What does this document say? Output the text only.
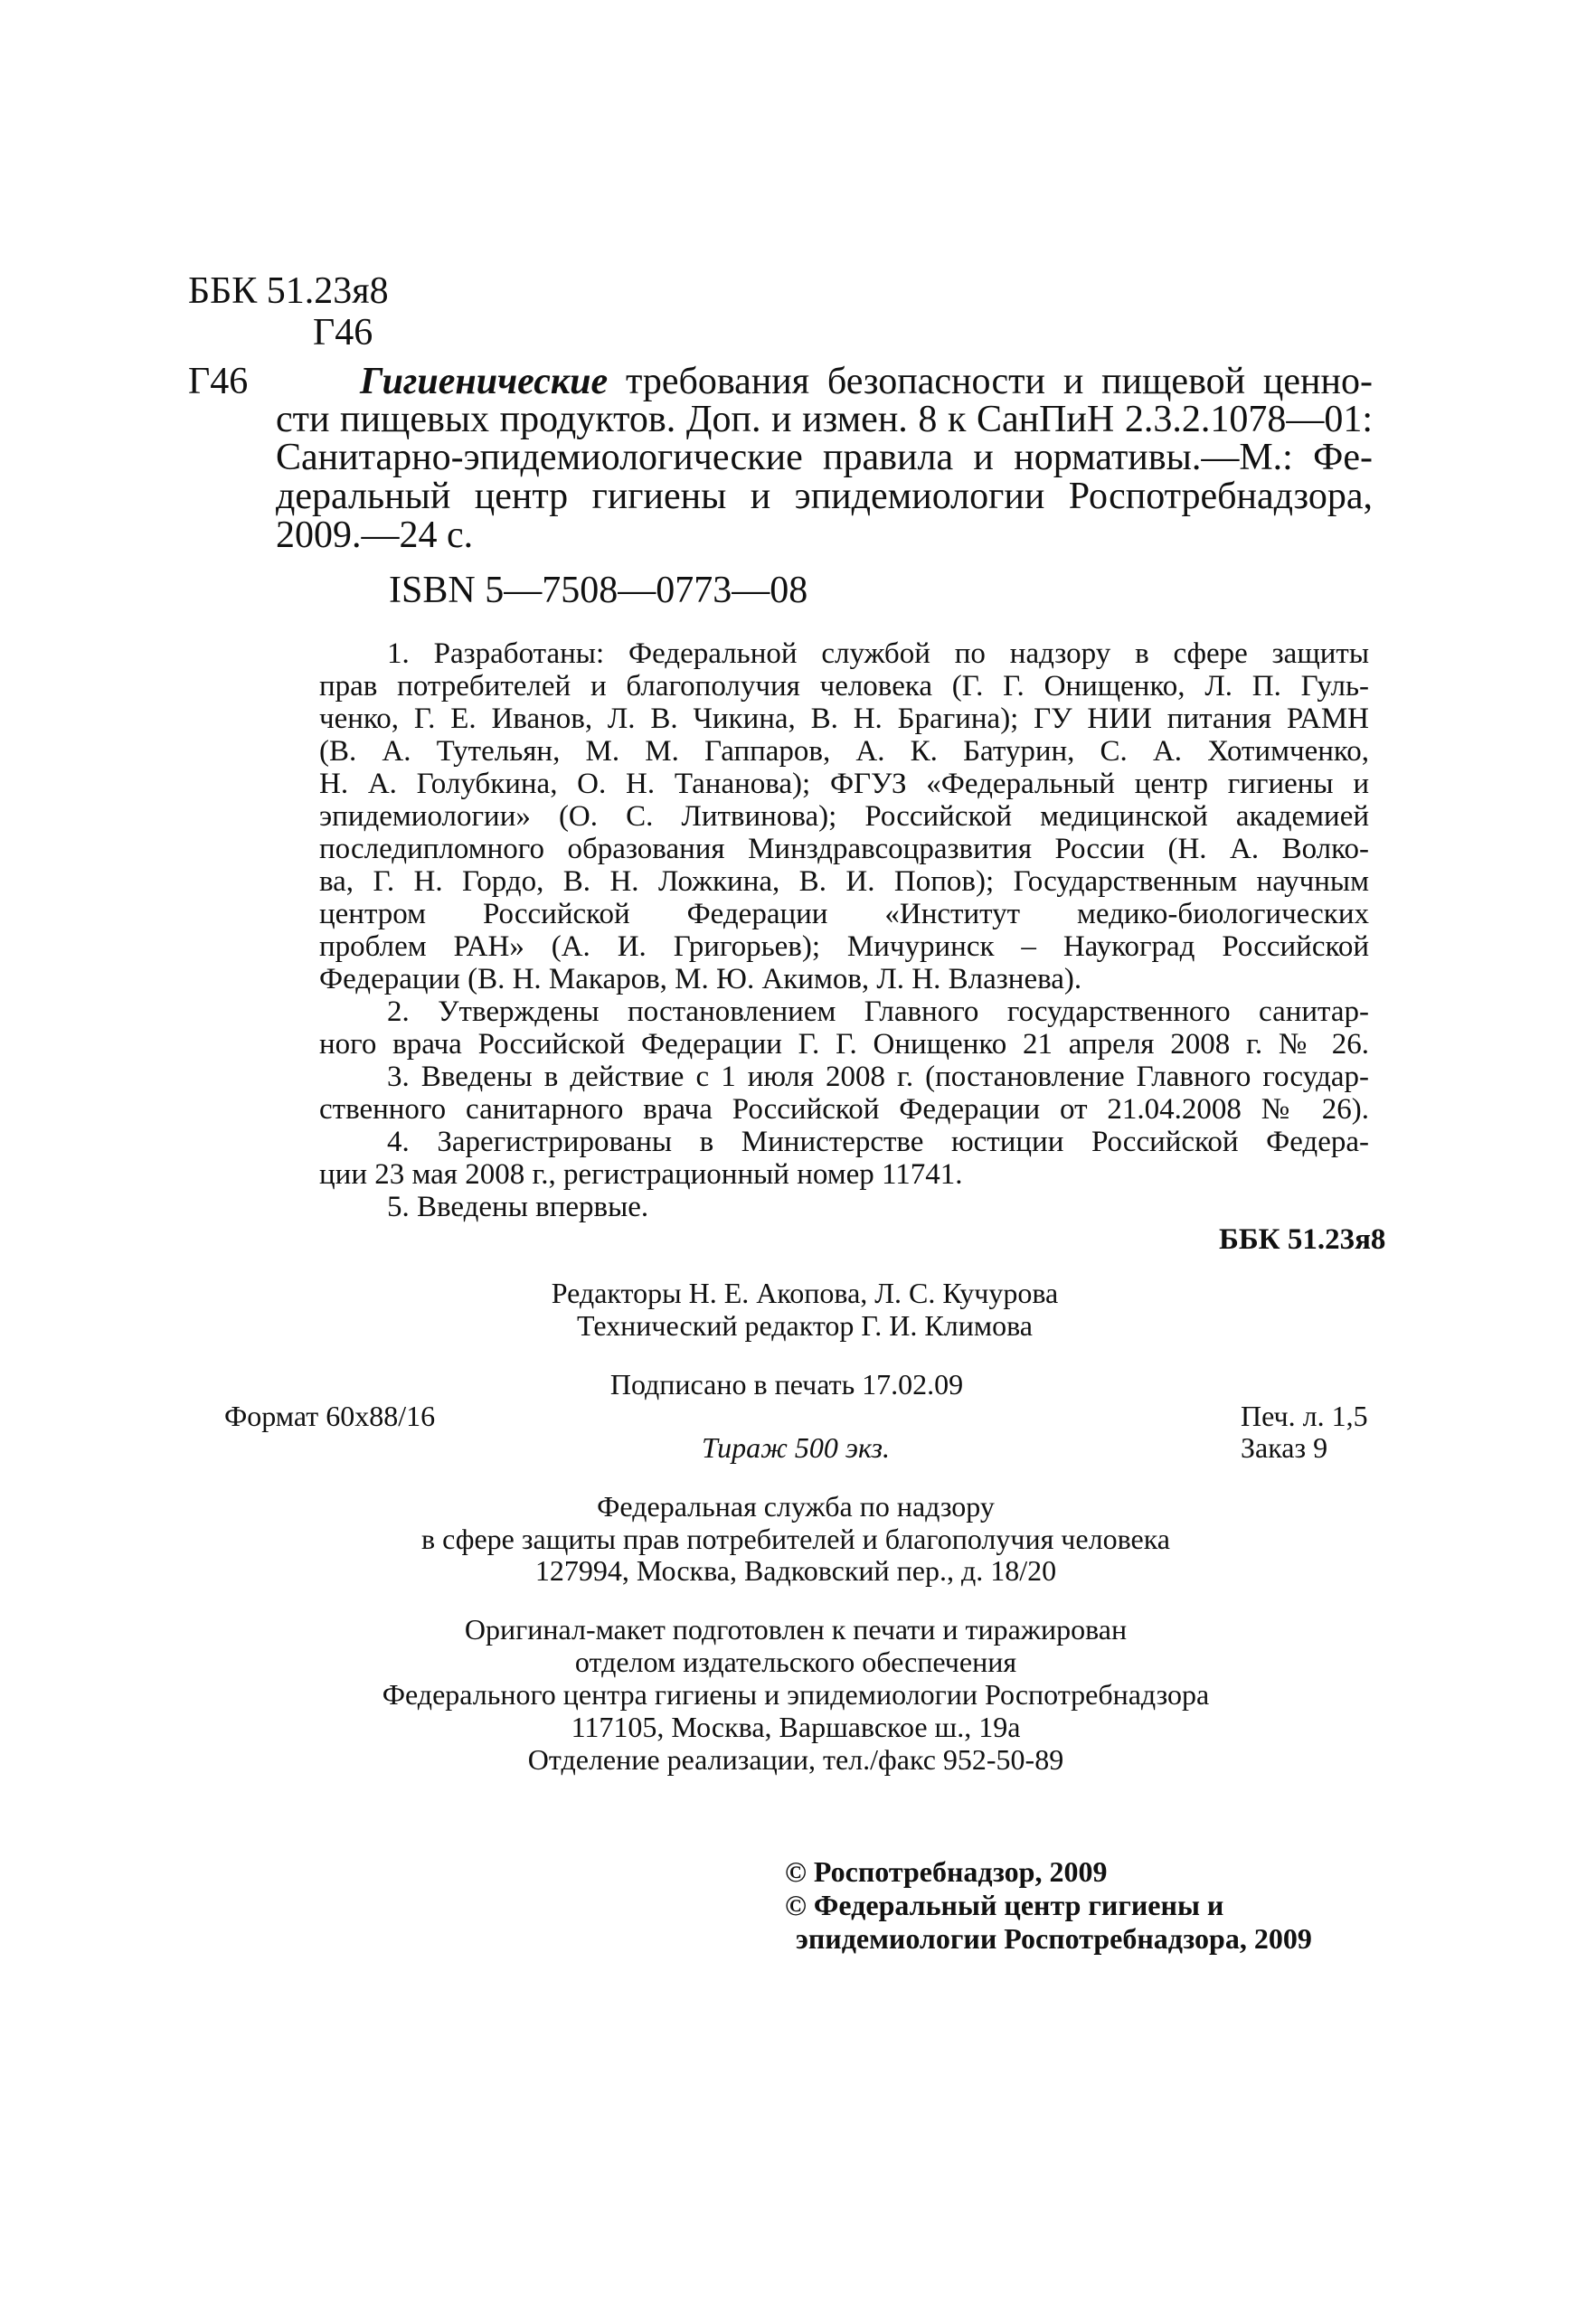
ББК 51.23я8
Г46
Г46	Гигиенические требования безопасности и пищевой ценно-
сти пищевых продуктов. Доп. и измен. 8 к СанПиН 2.3.2.1078—01:
Санитарно-эпидемиологические правила и нормативы.—М.: Фе-
деральный центр гигиены и эпидемиологии Роспотребнадзора,
2009.—24 с.
ISBN 5—7508—0773—08
1. Разработаны: Федеральной службой по надзору в сфере защиты
прав потребителей и благополучия человека (Г. Г. Онищенко, Л. П. Гуль-
ченко, Г. Е. Иванов, Л. В. Чикина, В. Н. Брагина); ГУ НИИ питания РАМН
(В. А. Тутельян, М. М. Гаппаров, А. К. Батурин, С. А. Хотимченко,
Н. А. Голубкина, О. Н. Тананова); ФГУЗ «Федеральный центр гигиены и
эпидемиологии» (О. С. Литвинова); Российской медицинской академией
последипломного образования Минздравсоцразвития России (Н. А. Волко-
ва, Г. Н. Гордо, В. Н. Ложкина, В. И. Попов); Государственным научным
центром Российской Федерации «Институт медико-биологических
проблем РАН» (А. И. Григорьев); Мичуринск – Наукоград Российской
Федерации (В. Н. Макаров, М. Ю. Акимов, Л. Н. Влазнева).
2. Утверждены постановлением Главного государственного санитар-
ного врача Российской Федерации Г. Г. Онищенко 21 апреля 2008 г. № 26.
3. Введены в действие с 1 июля 2008 г. (постановление Главного государ-
ственного санитарного врача Российской Федерации от 21.04.2008 № 26).
4. Зарегистрированы в Министерстве юстиции Российской Федера-
ции 23 мая 2008 г., регистрационный номер 11741.
5. Введены впервые.
ББК 51.23я8
Редакторы Н. Е. Акопова, Л. С. Кучурова
Технический редактор Г. И. Климова
Подписано в печать 17.02.09
Формат 60x88/16	Печ. л. 1,5
Тираж 500 экз.	Заказ 9
Федеральная служба по надзору
в сфере защиты прав потребителей и благополучия человека
127994, Москва, Вадковский пер., д. 18/20
Оригинал-макет подготовлен к печати и тиражирован
отделом издательского обеспечения
Федерального центра гигиены и эпидемиологии Роспотребнадзора
117105, Москва, Варшавское ш., 19а
Отделение реализации, тел./факс 952-50-89
© Роспотребнадзор, 2009
© Федеральный центр гигиены и
эпидемиологии Роспотребнадзора, 2009
